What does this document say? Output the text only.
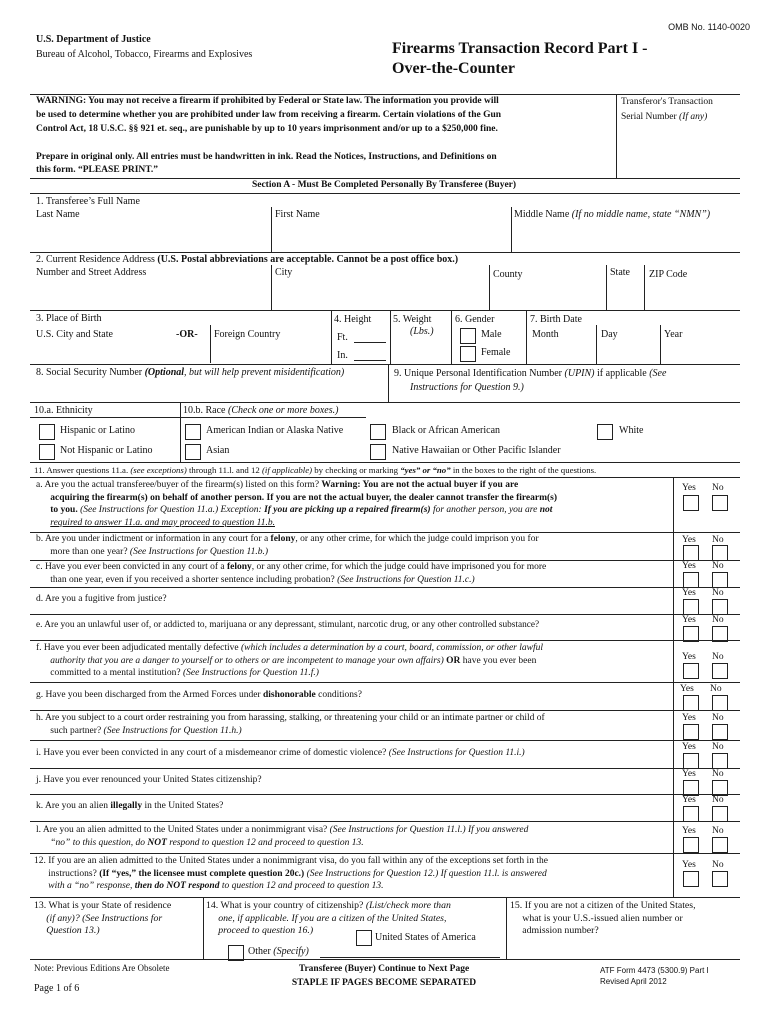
OMB No. 1140-0020
U.S. Department of Justice
Bureau of Alcohol, Tobacco, Firearms and Explosives	Firearms Transaction Record Part I -
Over-the-Counter
WARNING: You may not receive a firearm if prohibited by Federal or State law. The information you provide will
be used to determine whether you are prohibited under law from receiving a firearm. Certain violations of the Gun
Control Act, 18 U.S.C. §§ 921 et. seq., are punishable by up to 10 years imprisonment and/or up to a $250,000 fine.
Prepare in original only. All entries must be handwritten in ink. Read the Notices, Instructions, and Definitions on
this form. “PLEASE PRINT.”
Transferor's Transaction
Serial Number (If any)
Section A - Must Be Completed Personally By Transferee (Buyer)
1. Transferee’s Full Name
Last Name	First Name	Middle Name (If no middle name, state “NMN”)
2. Current Residence Address (U.S. Postal abbreviations are acceptable. Cannot be a post office box.)
Number and Street Address	City	County	State ZIP Code
3. Place of Birth
U.S. City and State	-OR- Foreign Country
4. Height
Ft.
In.
5. Weight
(Lbs.)
6. Gender
Male
Female
7. Birth Date
Month	Day	Year
8. Social Security Number (Optional, but will help prevent misidentification)	9. Unique Personal Identification Number (UPIN) if applicable (See
Instructions for Question 9.)
10.a. Ethnicity	10.b. Race (Check one or more boxes.)
Hispanic or Latino
Not Hispanic or Latino
American Indian or Alaska Native	Black or African American	White
Asian	Native Hawaiian or Other Pacific Islander
11. Answer questions 11.a. (see exceptions) through 11.l. and 12 (if applicable) by checking or marking “yes” or “no” in the boxes to the right of the questions.
a. Are you the actual transferee/buyer of the firearm(s) listed on this form? Warning: You are not the actual buyer if you are
acquiring the firearm(s) on behalf of another person. If you are not the actual buyer, the dealer cannot transfer the firearm(s)
to you. (See Instructions for Question 11.a.) Exception: If you are picking up a repaired firearm(s) for another person, you are not
required to answer 11.a. and may proceed to question 11.b.
Yes No
b. Are you under indictment or information in any court for a felony, or any other crime, for which the judge could imprison you for
more than one year? (See Instructions for Question 11.b.)
Yes No
c. Have you ever been convicted in any court of a felony, or any other crime, for which the judge could have imprisoned you for more
than one year, even if you received a shorter sentence including probation? (See Instructions for Question 11.c.)
Yes No
d. Are you a fugitive from justice?
Yes No
e. Are you an unlawful user of, or addicted to, marijuana or any depressant, stimulant, narcotic drug, or any other controlled substance?	Yes No
f. Have you ever been adjudicated mentally defective (which includes a determination by a court, board, commission, or other lawful
authority that you are a danger to yourself or to others or are incompetent to manage your own affairs) OR have you ever been
committed to a mental institution? (See Instructions for Question 11.f.)
Yes No
g. Have you been discharged from the Armed Forces under dishonorable conditions?
Yes No
h. Are you subject to a court order restraining you from harassing, stalking, or threatening your child or an intimate partner or child of
such partner? (See Instructions for Question 11.h.)
Yes No
i. Have you ever been convicted in any court of a misdemeanor crime of domestic violence? (See Instructions for Question 11.i.)
Yes No
j. Have you ever renounced your United States citizenship?
Yes No
k. Are you an alien illegally in the United States?
Yes No
l. Are you an alien admitted to the United States under a nonimmigrant visa? (See Instructions for Question 11.l.) If you answered
“no” to this question, do NOT respond to question 12 and proceed to question 13.
Yes No
12. If you are an alien admitted to the United States under a nonimmigrant visa, do you fall within any of the exceptions set forth in the
instructions? (If “yes,” the licensee must complete question 20c.) (See Instructions for Question 12.) If question 11.l. is answered
with a “no” response, then do NOT respond to question 12 and proceed to question 13.
Yes No
13. What is your State of residence
(if any)? (See Instructions for
Question 13.)
14. What is your country of citizenship? (List/check more than
one, if applicable. If you are a citizen of the United States,
proceed to question 16.)
United States of America
Other (Specify)
15. If you are not a citizen of the United States,
what is your U.S.-issued alien number or
admission number?
Note: Previous Editions Are Obsolete
Page 1 of 6
Transferee (Buyer) Continue to Next Page
STAPLE IF PAGES BECOME SEPARATED
ATF Form 4473 (5300.9) Part I
Revised April 2012
